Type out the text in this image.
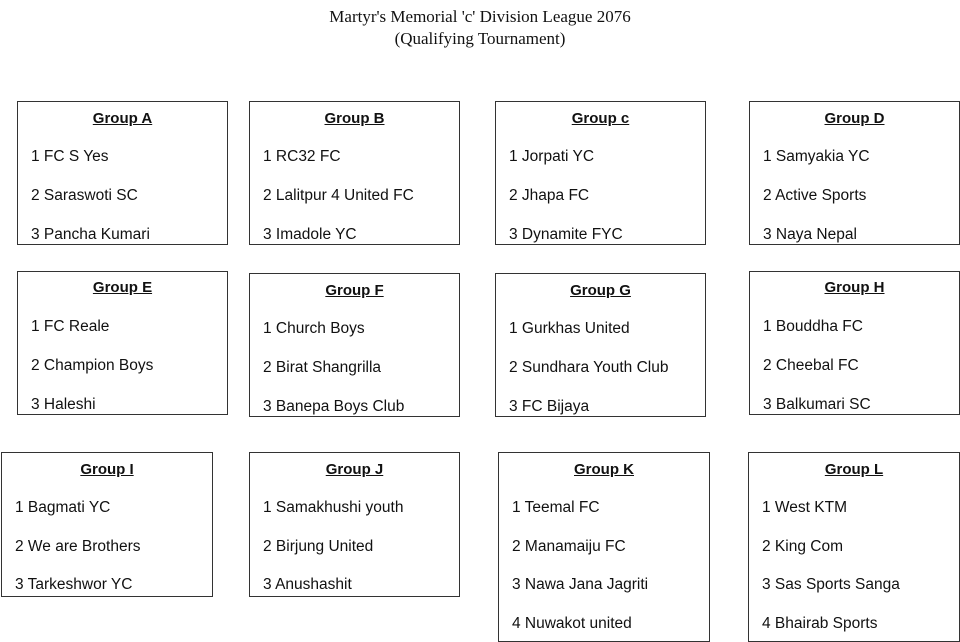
Martyr's Memorial 'c' Division League 2076
(Qualifying Tournament)
Group A
1 FC S Yes
2 Saraswoti SC
3 Pancha Kumari
Group B
1 RC32 FC
2 Lalitpur 4 United FC
3 Imadole YC
Group c
1 Jorpati YC
2 Jhapa FC
3 Dynamite FYC
Group D
1 Samyakia YC
2 Active Sports
3 Naya Nepal
Group E
1 FC Reale
2 Champion Boys
3 Haleshi
Group F
1 Church Boys
2 Birat Shangrilla
3 Banepa Boys Club
Group G
1 Gurkhas United
2 Sundhara Youth Club
3 FC Bijaya
Group H
1 Bouddha FC
2 Cheebal FC
3 Balkumari SC
Group I
1 Bagmati YC
2 We are Brothers
3 Tarkeshwor YC
Group J
1 Samakhushi youth
2 Birjung United
3 Anushashit
Group K
1 Teemal FC
2 Manamaiju FC
3 Nawa Jana Jagriti
4 Nuwakot united
Group L
1 West KTM
2 King Com
3 Sas Sports Sanga
4 Bhairab Sports
